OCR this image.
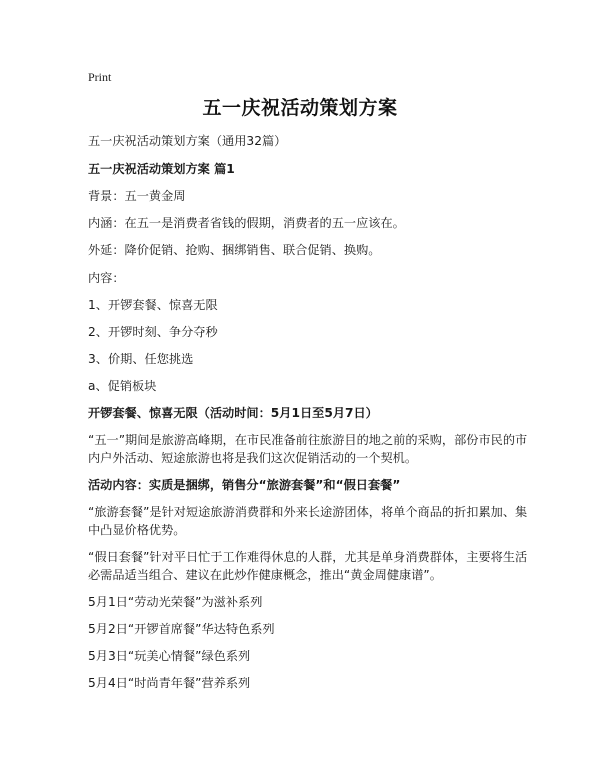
Print
五一庆祝活动策划方案
五一庆祝活动策划方案（通用32篇）
五一庆祝活动策划方案 篇1
背景：五一黄金周
内涵：在五一是消费者省钱的假期，消费者的五一应该在。
外延：降价促销、抢购、捆绑销售、联合促销、换购。
内容：
1、开锣套餐、惊喜无限
2、开锣时刻、争分夺秒
3、价期、任您挑选
a、促销板块
开锣套餐、惊喜无限（活动时间：5月1日至5月7日）
“五一”期间是旅游高峰期，在市民准备前往旅游目的地之前的采购，部份市民的市内户外活动、短途旅游也将是我们这次促销活动的一个契机。
活动内容：实质是捆绑，销售分“旅游套餐”和“假日套餐”
“旅游套餐”是针对短途旅游消费群和外来长途游团体，将单个商品的折扣累加、集中凸显价格优势。
“假日套餐”针对平日忙于工作难得休息的人群，尤其是单身消费群体，主要将生活必需品适当组合、建议在此炒作健康概念，推出“黄金周健康谱”。
5月1日“劳动光荣餐”为滋补系列
5月2日“开锣首席餐”华达特色系列
5月3日“玩美心情餐”绿色系列
5月4日“时尚青年餐”营养系列
